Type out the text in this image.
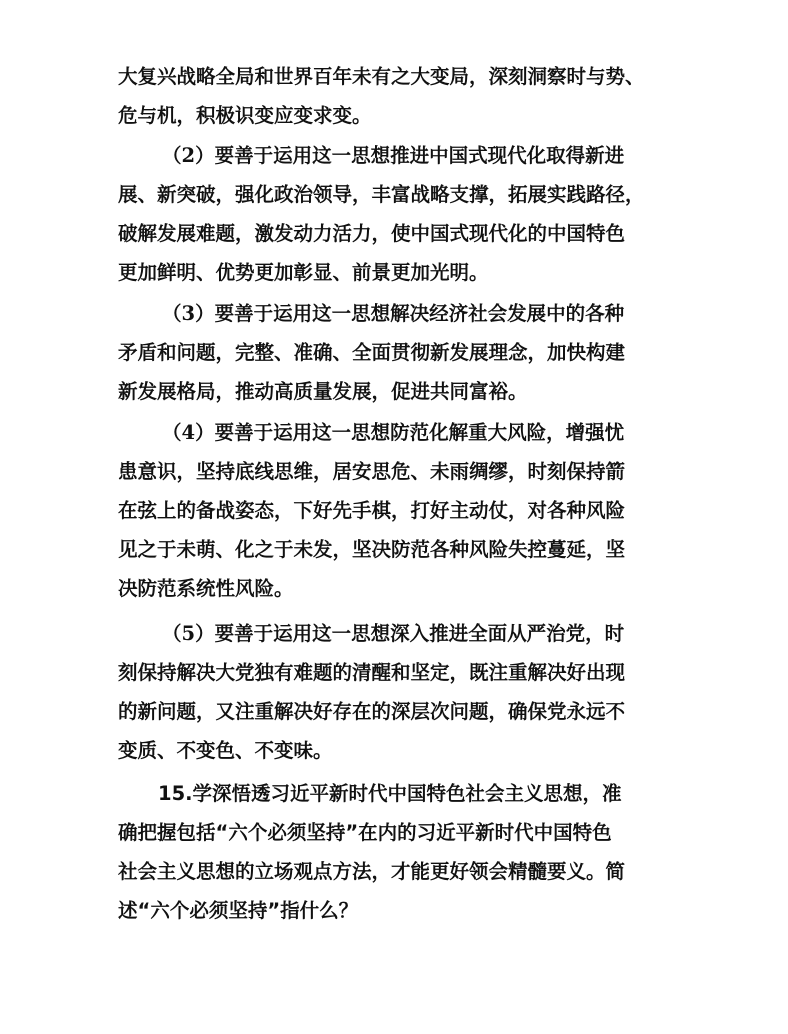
大复兴战略全局和世界百年未有之大变局，深刻洞察时与势、
危与机，积极识变应变求变。
（2）要善于运用这一思想推进中国式现代化取得新进
展、新突破，强化政治领导，丰富战略支撑，拓展实践路径，
破解发展难题，激发动力活力，使中国式现代化的中国特色
更加鲜明、优势更加彰显、前景更加光明。
（3）要善于运用这一思想解决经济社会发展中的各种
矛盾和问题，完整、准确、全面贯彻新发展理念，加快构建
新发展格局，推动高质量发展，促进共同富裕。
（4）要善于运用这一思想防范化解重大风险，增强忧
患意识，坚持底线思维，居安思危、未雨绸缪，时刻保持箭
在弦上的备战姿态，下好先手棋，打好主动仗，对各种风险
见之于未萌、化之于未发，坚决防范各种风险失控蔓延，坚
决防范系统性风险。
（5）要善于运用这一思想深入推进全面从严治党，时
刻保持解决大党独有难题的清醒和坚定，既注重解决好出现
的新问题，又注重解决好存在的深层次问题，确保党永远不
变质、不变色、不变味。
15.学深悟透习近平新时代中国特色社会主义思想，准
确把握包括“六个必须坚持”在内的习近平新时代中国特色
社会主义思想的立场观点方法，才能更好领会精髓要义。简
述“六个必须坚持”指什么？
